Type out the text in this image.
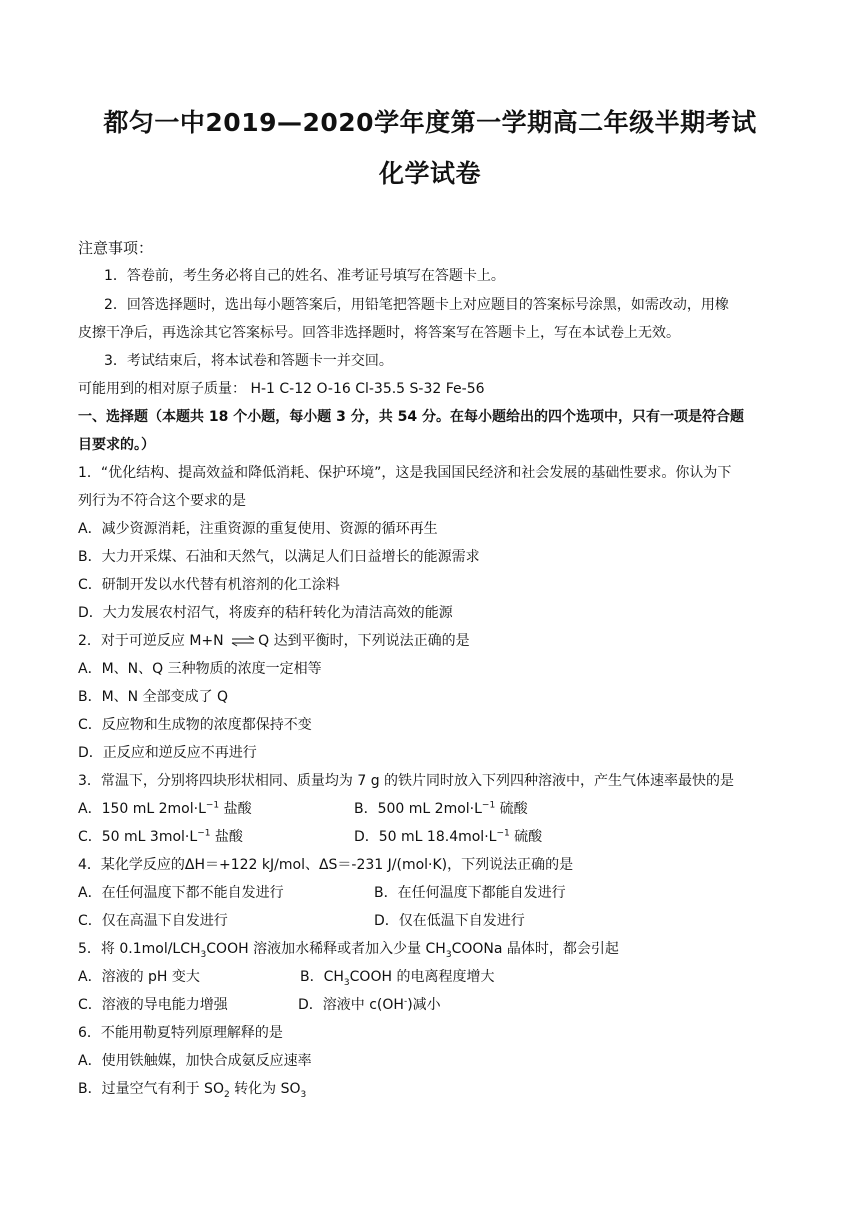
都匀一中2019—2020学年度第一学期高二年级半期考试
化学试卷
注意事项：
1．答卷前，考生务必将自己的姓名、准考证号填写在答题卡上。
2．回答选择题时，选出每小题答案后，用铅笔把答题卡上对应题目的答案标号涂黑，如需改动，用橡
皮擦干净后，再选涂其它答案标号。回答非选择题时，将答案写在答题卡上，写在本试卷上无效。
3．考试结束后，将本试卷和答题卡一并交回。
可能用到的相对原子质量： H-1 C-12 O-16 Cl-35.5 S-32 Fe-56
一、选择题（本题共 18 个小题，每小题 3 分，共 54 分。在每小题给出的四个选项中，只有一项是符合题
目要求的。）
1．“优化结构、提高效益和降低消耗、保护环境”，这是我国国民经济和社会发展的基础性要求。你认为下
列行为不符合这个要求的是
A．减少资源消耗，注重资源的重复使用、资源的循环再生
B．大力开采煤、石油和天然气，以满足人们日益增长的能源需求
C．研制开发以水代替有机溶剂的化工涂料
D．大力发展农村沼气，将废弃的秸秆转化为清洁高效的能源
2．对于可逆反应 M+N ⇌ Q 达到平衡时，下列说法正确的是
A．M、N、Q 三种物质的浓度一定相等
B．M、N 全部变成了 Q
C．反应物和生成物的浓度都保持不变
D．正反应和逆反应不再进行
3．常温下，分别将四块形状相同、质量均为 7 g 的铁片同时放入下列四种溶液中，产生气体速率最快的是
A．150 mL $2mol\cdot L^{-1}$ 盐酸	B．500 mL $2mol\cdot L^{-1}$ 硫酸
C．50 mL $3mol\cdot L^{-1}$ 盐酸	D．50 mL $18.4mol\cdot L^{-1}$ 硫酸
4．某化学反应的ΔH＝+122 kJ/mol、ΔS＝-231 J/(mol·K)，下列说法正确的是
A．在任何温度下都不能自发进行	B．在任何温度下都能自发进行
C．仅在高温下自发进行	D．仅在低温下自发进行
5．将 $0.1mol/LCH_3COOH$ 溶液加水稀释或者加入少量 $CH_3COONa$ 晶体时，都会引起
A．溶液的 pH 变大	B．$CH_3COOH$ 的电离程度增大
C．溶液的导电能力增强	D．溶液中 c(OH-)减小
6．不能用勒夏特列原理解释的是
A．使用铁触媒，加快合成氨反应速率
B．过量空气有利于 $SO_2$ 转化为 $SO_3$
